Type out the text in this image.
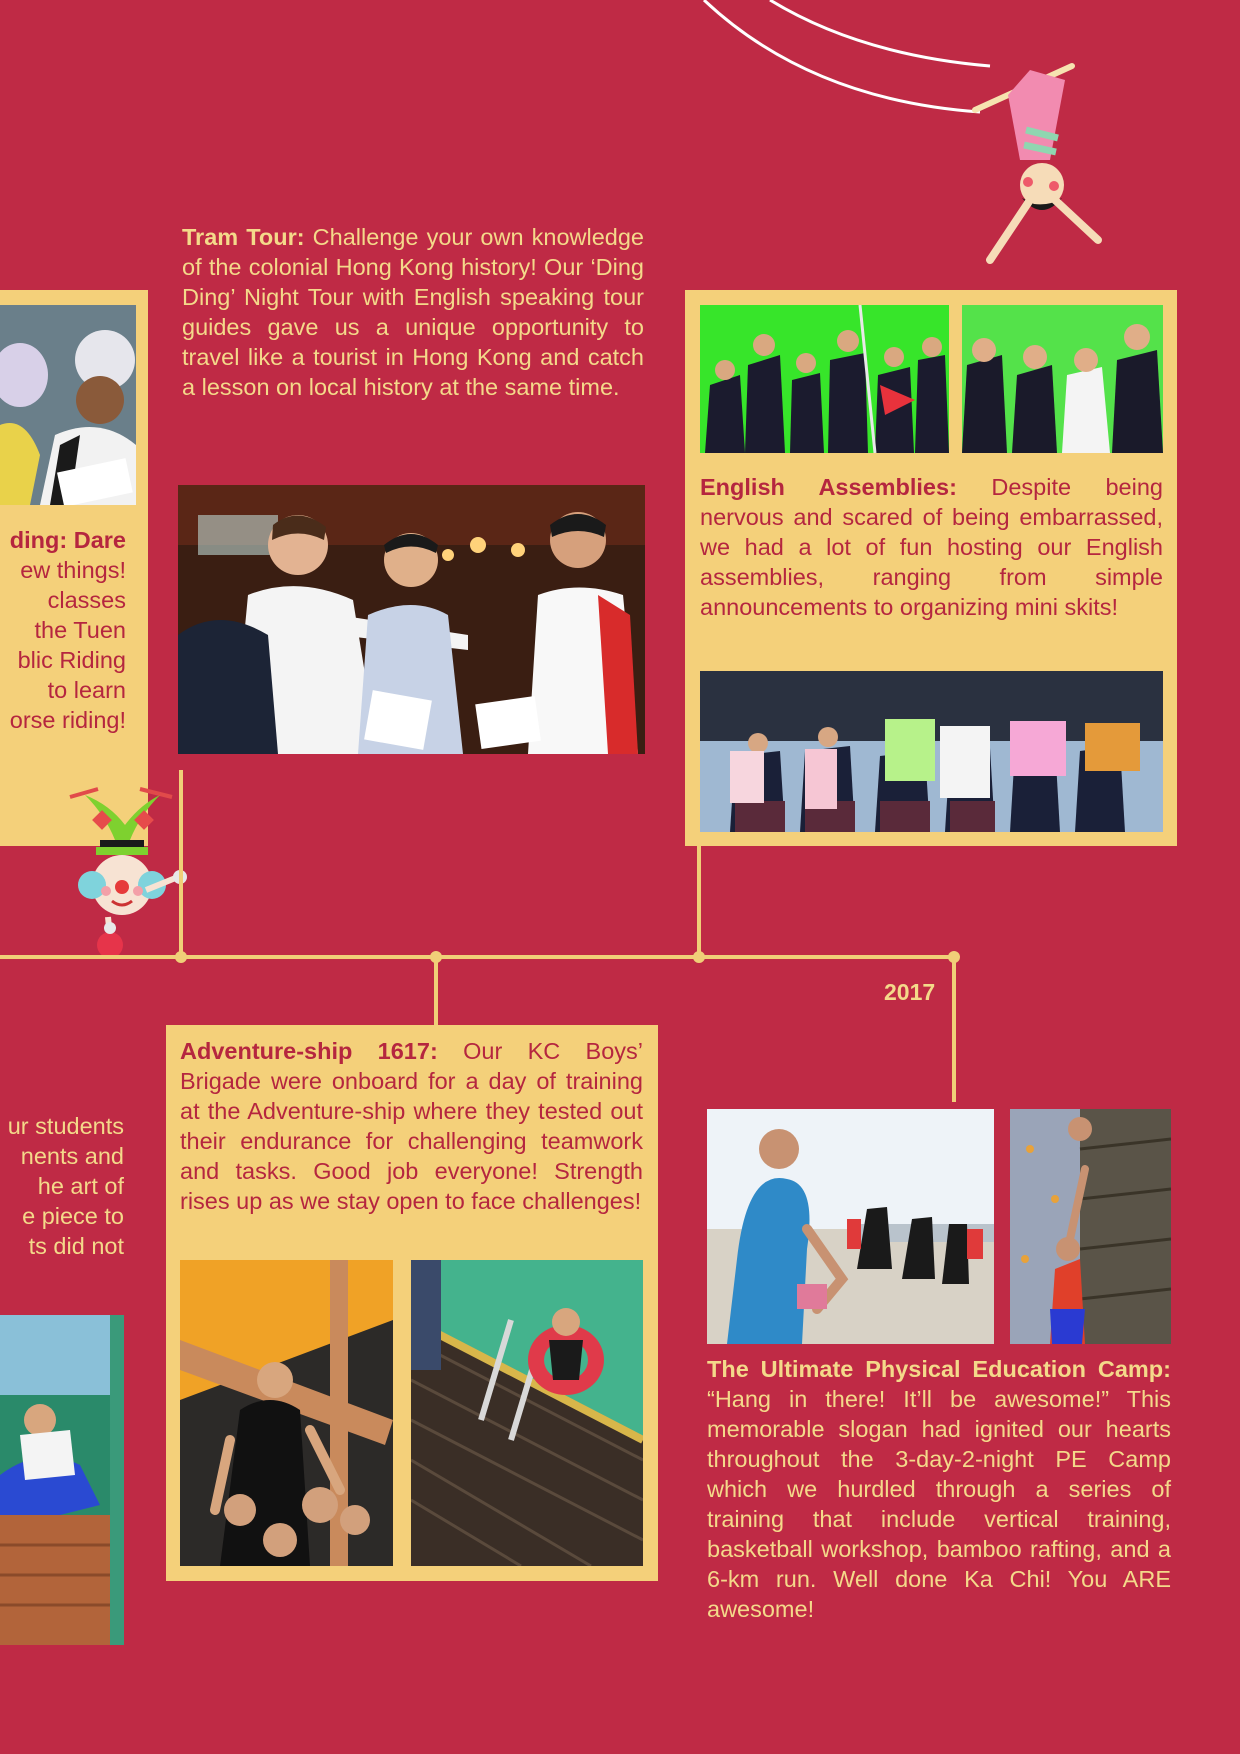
ding: Dare
ew things!
classes
the Tuen
blic Riding
to learn
orse riding!
Tram Tour: Challenge your own knowledge of the colonial Hong Kong history! Our ‘Ding Ding’ Night Tour with English speaking tour guides gave us a unique opportunity to travel like a tourist in Hong Kong and catch a lesson on local history at the same time.
English Assemblies: Despite being nervous and scared of being embarrassed, we had a lot of fun hosting our English assemblies, ranging from simple announcements to organizing mini skits!
2017
Adventure-ship 1617: Our KC Boys’ Brigade were onboard for a day of training at the Adventure-ship where they tested out their endurance for challenging teamwork and tasks. Good job everyone! Strength rises up as we stay open to face challenges!
ur students
nents and
he art of
e piece to
ts did not
The Ultimate Physical Education Camp: “Hang in there! It’ll be awesome!” This memorable slogan had ignited our hearts throughout the 3-day-2-night PE Camp which we hurdled through a series of training that include vertical training, basketball workshop, bamboo rafting, and a 6-km run. Well done Ka Chi! You ARE awesome!
